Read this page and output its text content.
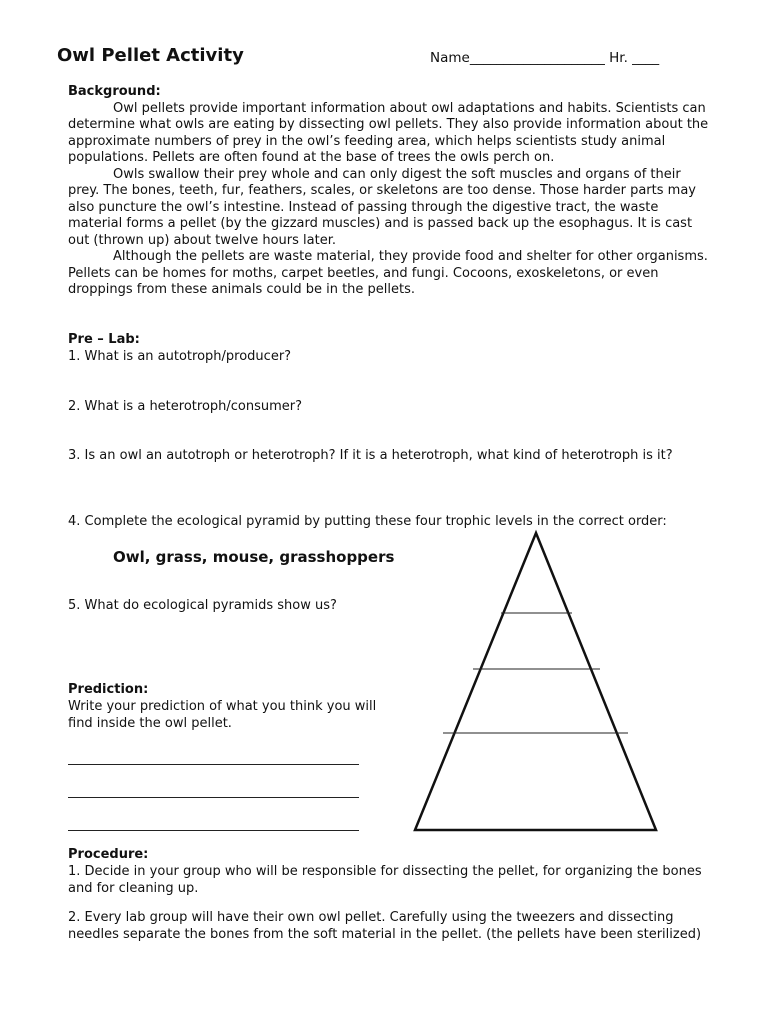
Owl Pellet Activity	Name____________________ Hr. ____
Background:

Owl pellets provide important information about owl adaptations and habits. Scientists can determine what owls are eating by dissecting owl pellets. They also provide information about the approximate numbers of prey in the owl’s feeding area, which helps scientists study animal populations. Pellets are often found at the base of trees the owls perch on.

Owls swallow their prey whole and can only digest the soft muscles and organs of their prey. The bones, teeth, fur, feathers, scales, or skeletons are too dense. Those harder parts may also puncture the owl’s intestine. Instead of passing through the digestive tract, the waste material forms a pellet (by the gizzard muscles) and is passed back up the esophagus. It is cast out (thrown up) about twelve hours later.

Although the pellets are waste material, they provide food and shelter for other organisms. Pellets can be homes for moths, carpet beetles, and fungi. Cocoons, exoskeletons, or even droppings from these animals could be in the pellets.

Pre – Lab:
1. What is an autotroph/producer?
2. What is a heterotroph/consumer?
3. Is an owl an autotroph or heterotroph? If it is a heterotroph, what kind of heterotroph is it?
4. Complete the ecological pyramid by putting these four trophic levels in the correct order:
Owl, grass, mouse, grasshoppers
5. What do ecological pyramids show us?
Prediction:
Write your prediction of what you think you will find inside the owl pellet.
Procedure:
1. Decide in your group who will be responsible for dissecting the pellet, for organizing the bones and for cleaning up.
2. Every lab group will have their own owl pellet. Carefully using the tweezers and dissecting needles separate the bones from the soft material in the pellet. (the pellets have been sterilized)
